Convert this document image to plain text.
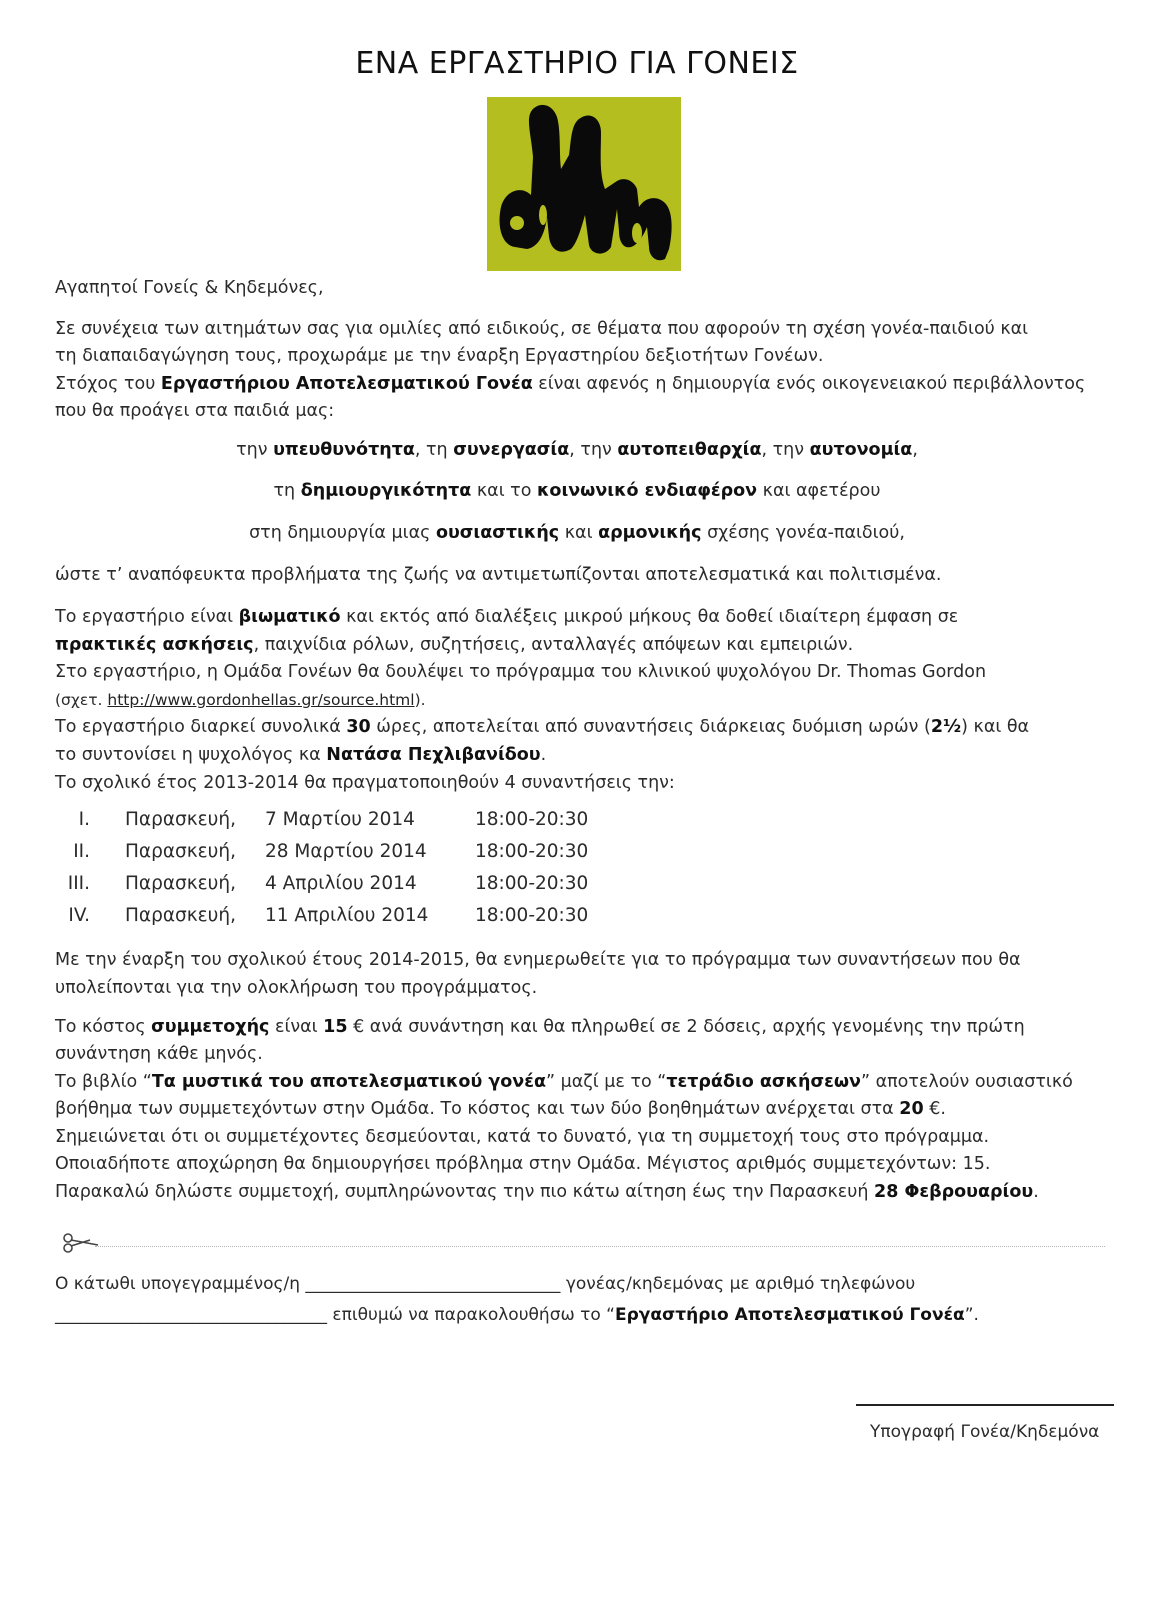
ΕΝΑ ΕΡΓΑΣΤΗΡΙΟ ΓΙΑ ΓΟΝΕΙΣ

Αγαπητοί Γονείς & Κηδεμόνες,

Σε συνέχεια των αιτημάτων σας για ομιλίες από ειδικούς, σε θέματα που αφορούν τη σχέση γονέα-παιδιού και

τη διαπαιδαγώγηση τους, προχωράμε με την έναρξη Εργαστηρίου δεξιοτήτων Γονέων.

Στόχος του Εργαστήριου Αποτελεσματικού Γονέα είναι αφενός η δημιουργία ενός οικογενειακού περιβάλλοντος

που θα προάγει στα παιδιά μας:

την υπευθυνότητα, τη συνεργασία, την αυτοπειθαρχία, την αυτονομία,

τη δημιουργικότητα και το κοινωνικό ενδιαφέρον και αφετέρου

στη δημιουργία μιας ουσιαστικής και αρμονικής σχέσης γονέα-παιδιού,

ώστε τ’ αναπόφευκτα προβλήματα της ζωής να αντιμετωπίζονται αποτελεσματικά και πολιτισμένα.

Το εργαστήριο είναι βιωματικό και εκτός από διαλέξεις μικρού μήκους θα δοθεί ιδιαίτερη έμφαση σε

πρακτικές ασκήσεις, παιχνίδια ρόλων, συζητήσεις, ανταλλαγές απόψεων και εμπειριών.

Στο εργαστήριο, η Ομάδα Γονέων θα δουλέψει το πρόγραμμα του κλινικού ψυχολόγου Dr. Thomas Gordon

(σχετ. http://www.gordonhellas.gr/source.html).

Το εργαστήριο διαρκεί συνολικά 30 ώρες, αποτελείται από συναντήσεις διάρκειας δυόμιση ωρών (2½) και θα

το συντονίσει η ψυχολόγος κα Νατάσα Πεχλιβανίδου.

Το σχολικό έτος 2013-2014 θα πραγματοποιηθούν 4 συναντήσεις την:

I. Παρασκευή, 7 Μαρτίου 2014	18:00-20:30
II. Παρασκευή, 28 Μαρτίου 2014	18:00-20:30
III. Παρασκευή, 4 Απριλίου 2014	18:00-20:30
IV. Παρασκευή, 11 Απριλίου 2014	18:00-20:30

Με την έναρξη του σχολικού έτους 2014-2015, θα ενημερωθείτε για το πρόγραμμα των συναντήσεων που θα

υπολείπονται για την ολοκλήρωση του προγράμματος.

Το κόστος συμμετοχής είναι 15 € ανά συνάντηση και θα πληρωθεί σε 2 δόσεις, αρχής γενομένης την πρώτη

συνάντηση κάθε μηνός.

Το βιβλίο “Τα μυστικά του αποτελεσματικού γονέα” μαζί με το “τετράδιο ασκήσεων” αποτελούν ουσιαστικό

βοήθημα των συμμετεχόντων στην Ομάδα. Το κόστος και των δύο βοηθημάτων ανέρχεται στα 20 €.

Σημειώνεται ότι οι συμμετέχοντες δεσμεύονται, κατά το δυνατό, για τη συμμετοχή τους στο πρόγραμμα.

Οποιαδήποτε αποχώρηση θα δημιουργήσει πρόβλημα στην Ομάδα. Μέγιστος αριθμός συμμετεχόντων: 15.

Παρακαλώ δηλώστε συμμετοχή, συμπληρώνοντας την πιο κάτω αίτηση έως την Παρασκευή 28 Φεβρουαρίου.

Ο κάτωθι υπογεγραμμένος/η ______________________________ γονέας/κηδεμόνας με αριθμό τηλεφώνου

________________________________ επιθυμώ να παρακολουθήσω το “Εργαστήριο Αποτελεσματικού Γονέα”.

Υπογραφή Γονέα/Κηδεμόνα
